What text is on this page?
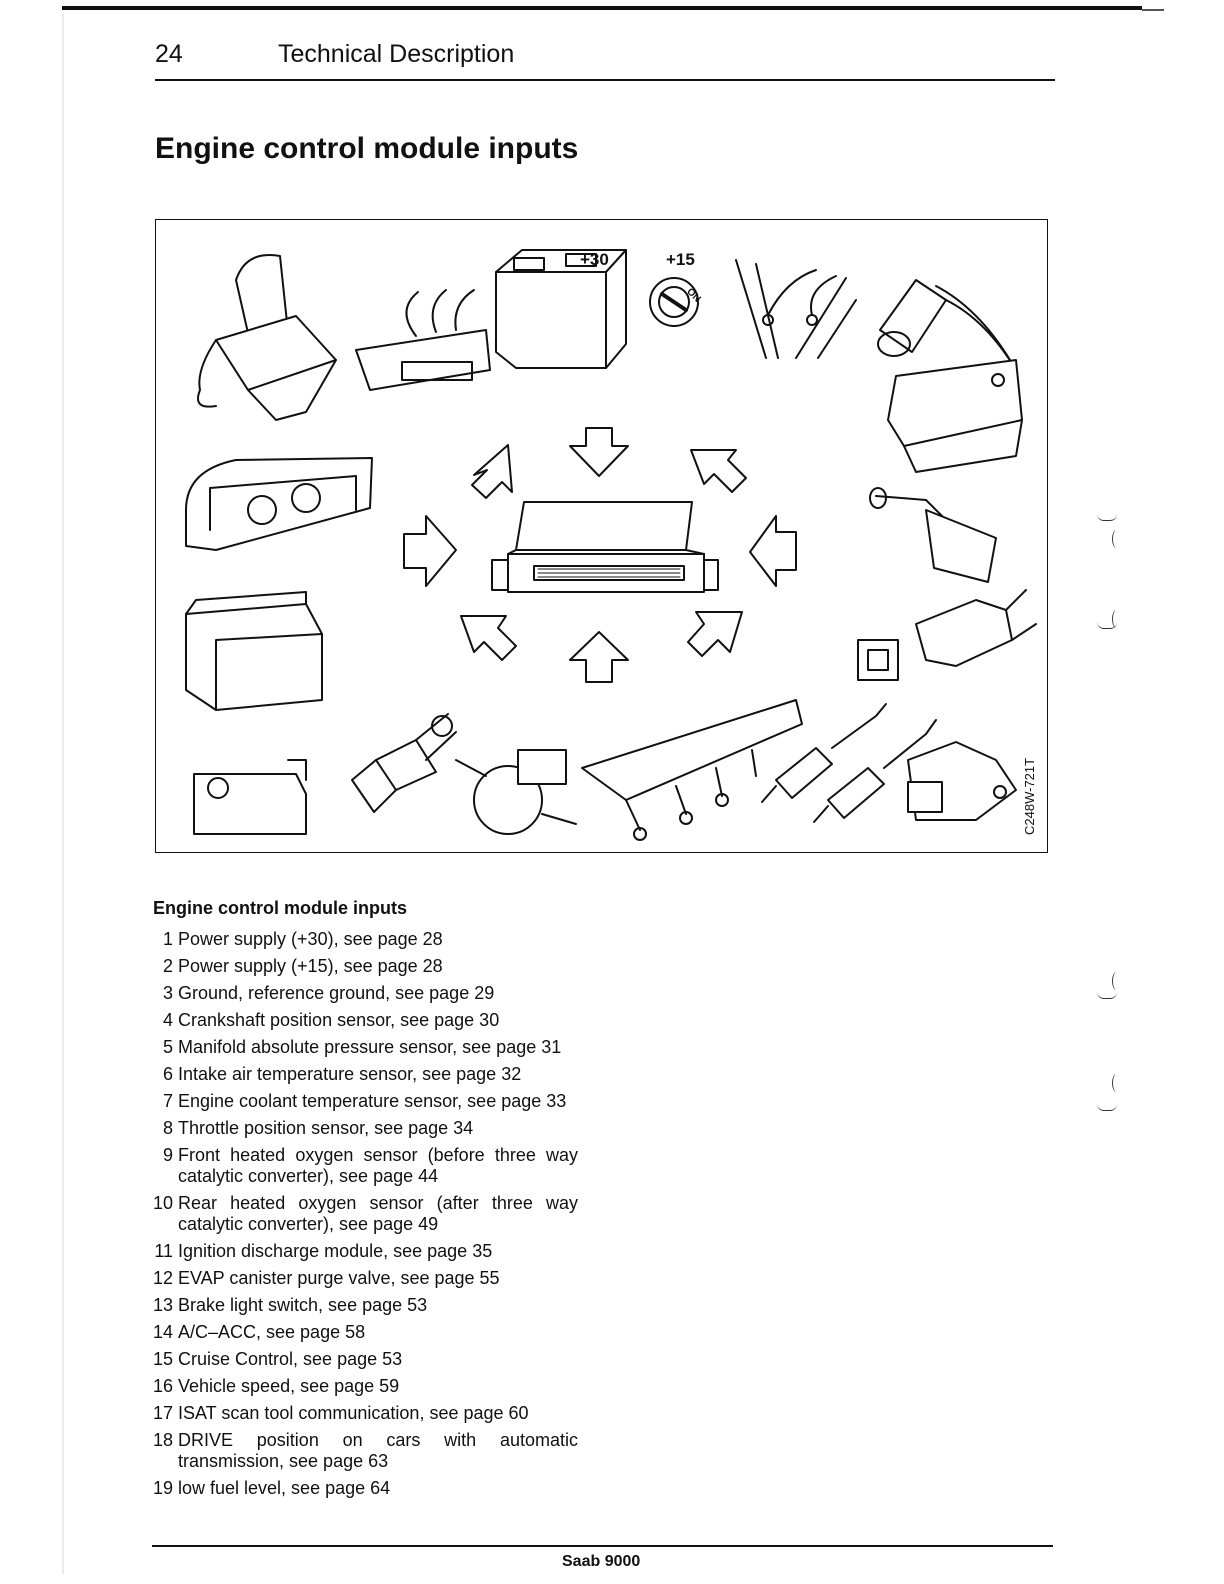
24	Technical Description
Engine control module inputs
+30	+15
ON
C248W-721T
Engine control module inputs
1 Power supply (+30), see page 28
2 Power supply (+15), see page 28
3 Ground, reference ground, see page 29
4 Crankshaft position sensor, see page 30
5 Manifold absolute pressure sensor, see page 31
6 Intake air temperature sensor, see page 32
7 Engine coolant temperature sensor, see page 33
8 Throttle position sensor, see page 34
9 Front heated oxygen sensor (before three way catalytic converter), see page 44
10 Rear heated oxygen sensor (after three way catalytic converter), see page 49
11 Ignition discharge module, see page 35
12 EVAP canister purge valve, see page 55
13 Brake light switch, see page 53
14 A/C–ACC, see page 58
15 Cruise Control, see page 53
16 Vehicle speed, see page 59
17 ISAT scan tool communication, see page 60
18 DRIVE position on cars with automatic transmission, see page 63
19 low fuel level, see page 64
Saab 9000
